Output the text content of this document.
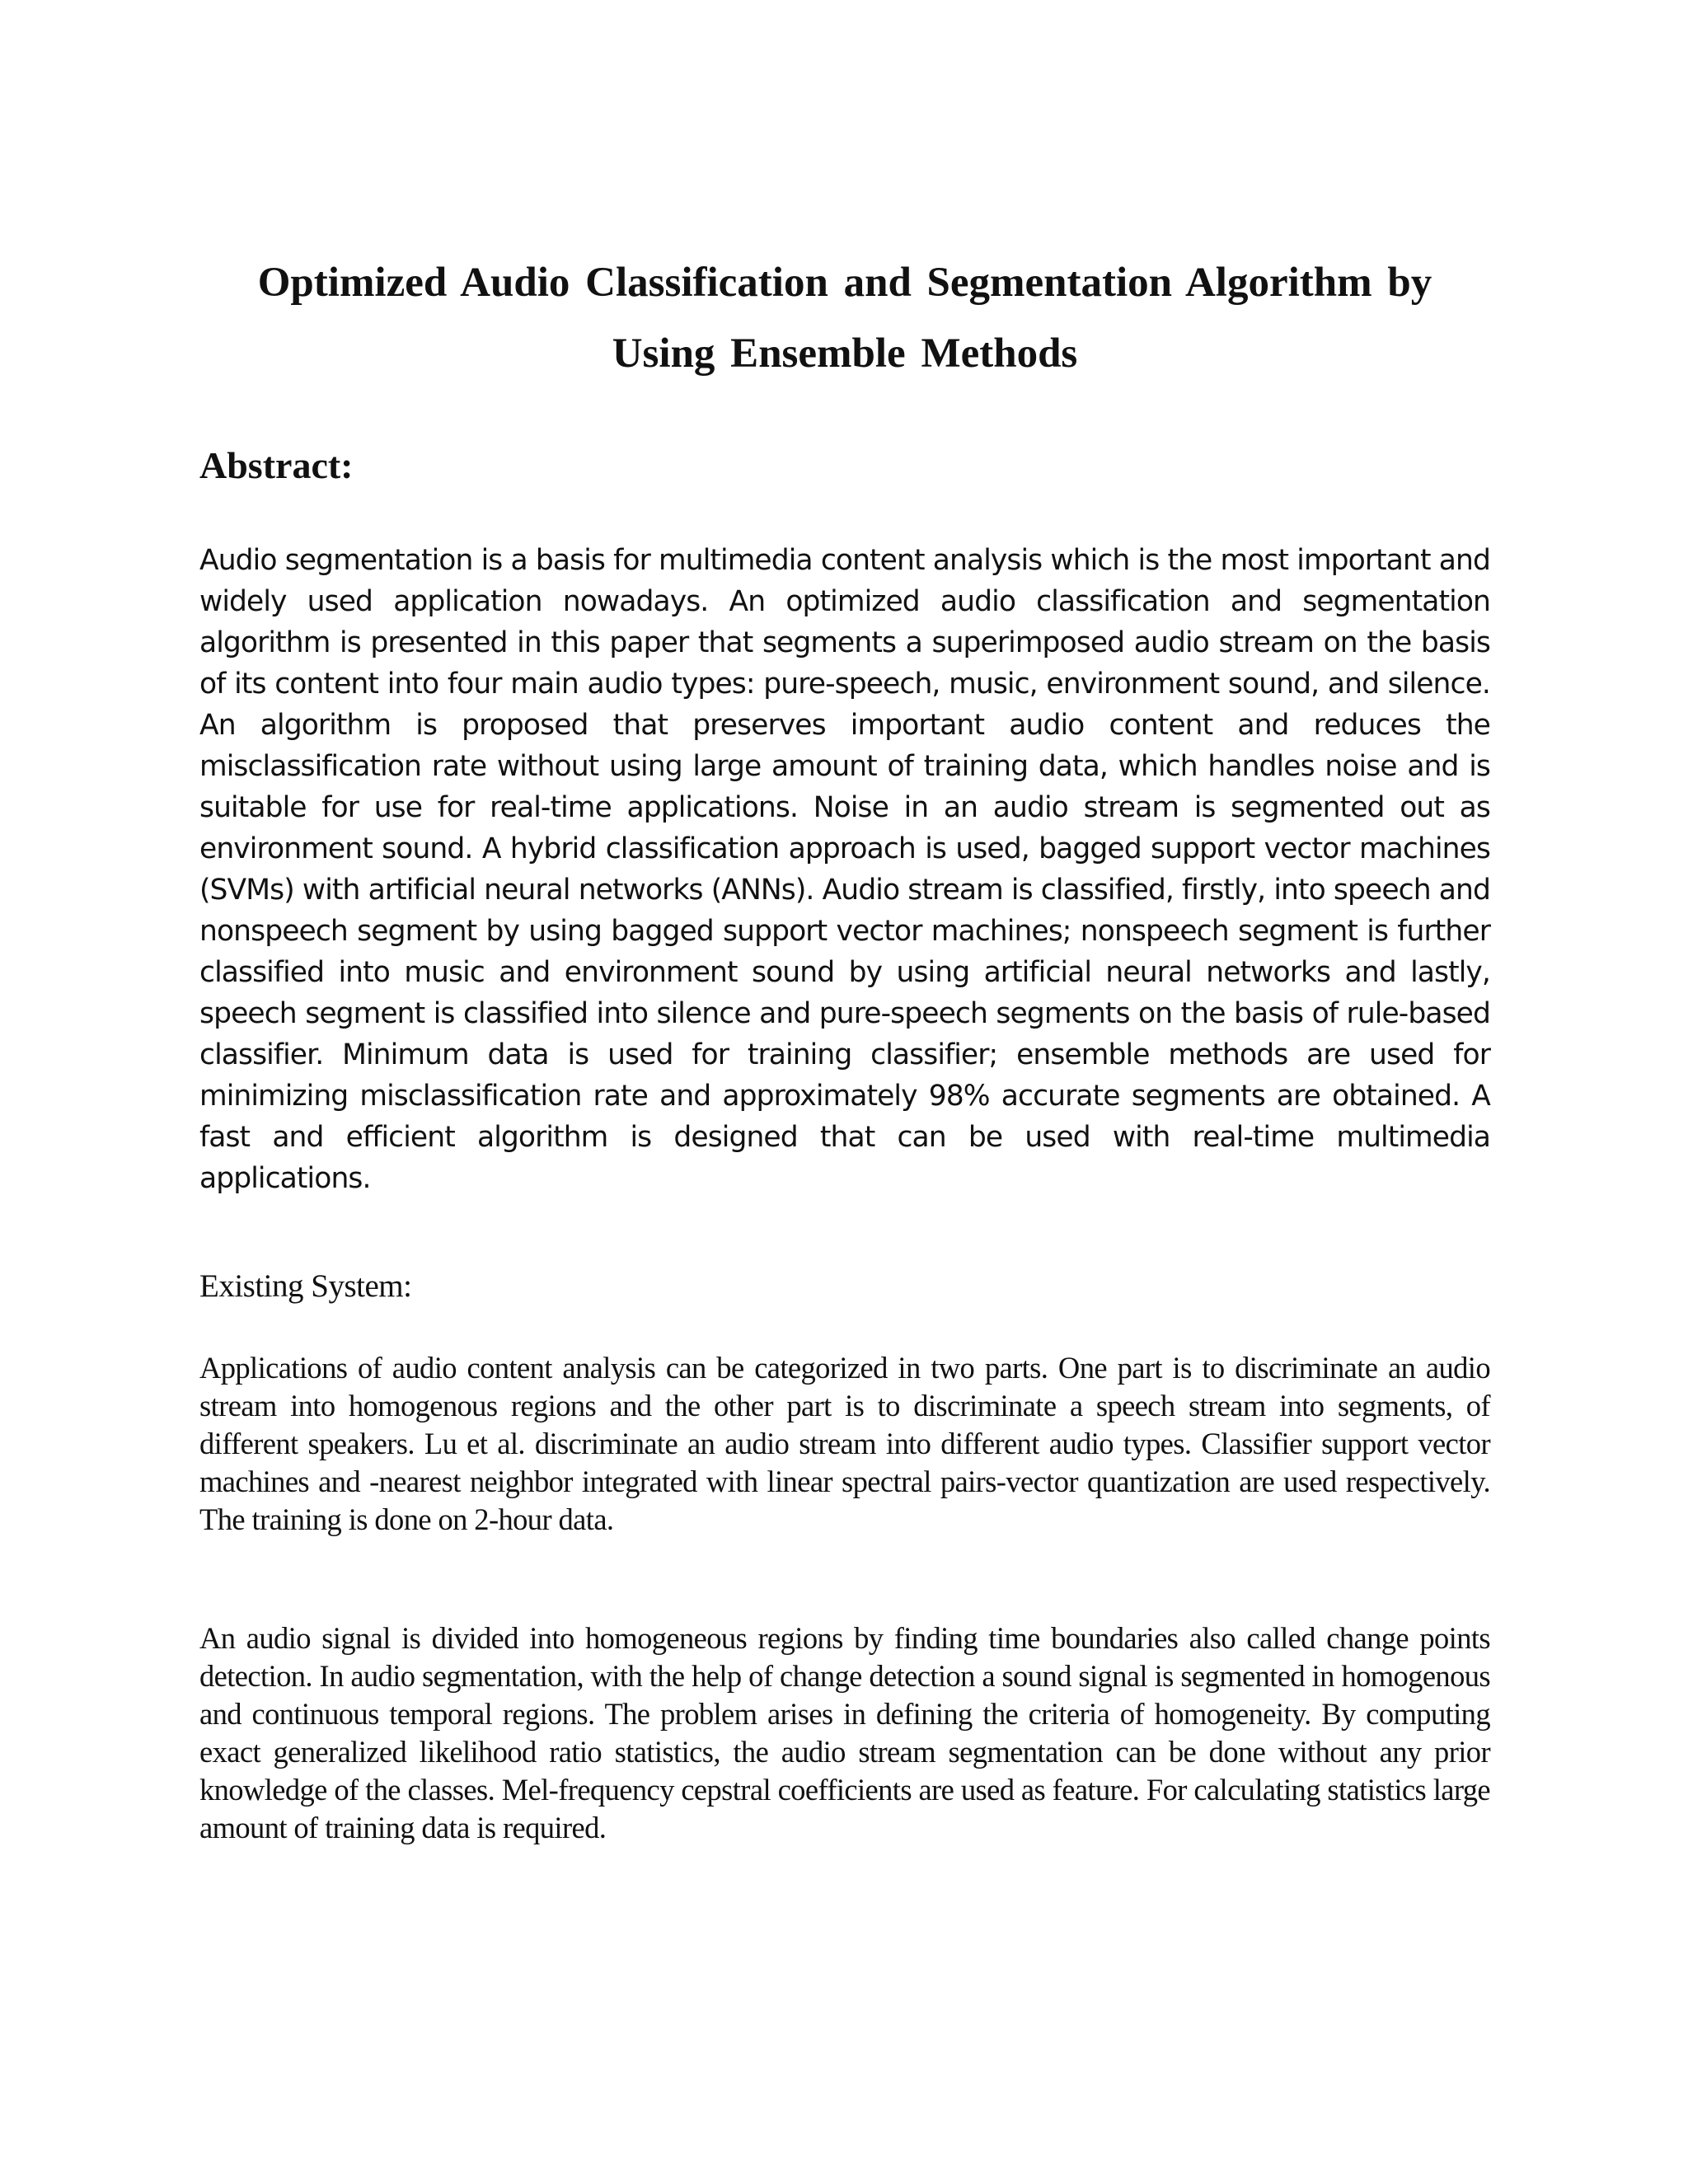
Optimized Audio Classification and Segmentation Algorithm by Using Ensemble Methods
Abstract:

Audio segmentation is a basis for multimedia content analysis which is the most important and widely used application nowadays. An optimized audio classification and segmentation algorithm is presented in this paper that segments a superimposed audio stream on the basis of its content into four main audio types: pure-speech, music, environment sound, and silence. An algorithm is proposed that preserves important audio content and reduces the misclassification rate without using large amount of training data, which handles noise and is suitable for use for real-time applications. Noise in an audio stream is segmented out as environment sound. A hybrid classification approach is used, bagged support vector machines (SVMs) with artificial neural networks (ANNs). Audio stream is classified, firstly, into speech and nonspeech segment by using bagged support vector machines; nonspeech segment is further classified into music and environment sound by using artificial neural networks and lastly, speech segment is classified into silence and pure-speech segments on the basis of rule-based classifier. Minimum data is used for training classifier; ensemble methods are used for minimizing misclassification rate and approximately 98% accurate segments are obtained. A fast and efficient algorithm is designed that can be used with real-time multimedia applications.

Existing System:

Applications of audio content analysis can be categorized in two parts. One part is to discriminate an audio stream into homogenous regions and the other part is to discriminate a speech stream into segments, of different speakers. Lu et al. discriminate an audio stream into different audio types. Classifier support vector machines and -nearest neighbor integrated with linear spectral pairs-vector quantization are used respectively. The training is done on 2-hour data.

An audio signal is divided into homogeneous regions by finding time boundaries also called change points detection. In audio segmentation, with the help of change detection a sound signal is segmented in homogenous and continuous temporal regions. The problem arises in defining the criteria of homogeneity. By computing exact generalized likelihood ratio statistics, the audio stream segmentation can be done without any prior knowledge of the classes. Mel-frequency cepstral coefficients are used as feature. For calculating statistics large amount of training data is required.
